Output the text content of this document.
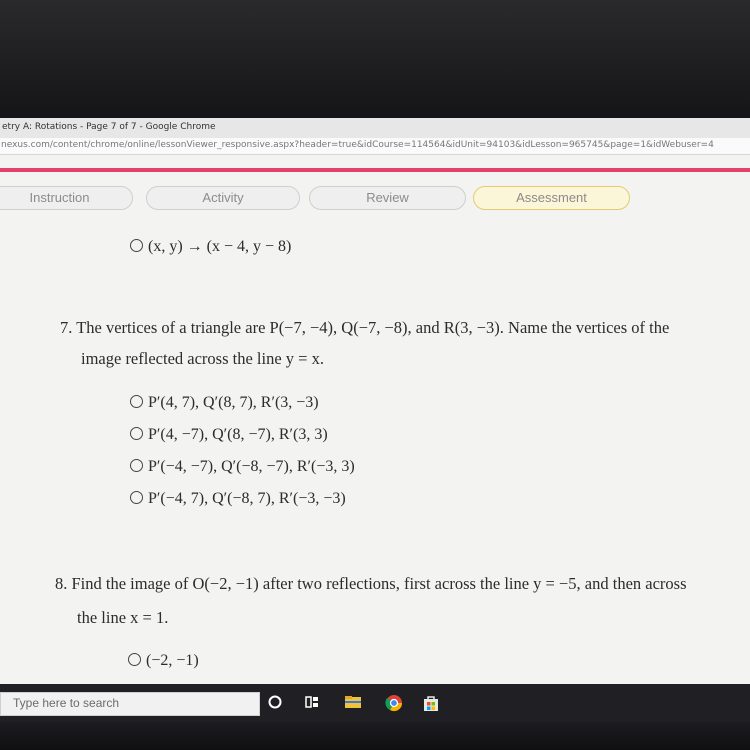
etry A: Rotations - Page 7 of 7 - Google Chrome
nexus.com/content/chrome/online/lessonViewer_responsive.aspx?header=true&idCourse=114564&idUnit=94103&idLesson=965745&page=1&idWebuser=4
Instruction	Activity	Review	Assessment
(x, y) → (x − 4, y − 8)
7. The vertices of a triangle are P(−7, −4), Q(−7, −8), and R(3, −3). Name the vertices of the
image reflected across the line y = x.
P′(4, 7), Q′(8, 7), R′(3, −3)
P′(4, −7), Q′(8, −7), R′(3, 3)
P′(−4, −7), Q′(−8, −7), R′(−3, 3)
P′(−4, 7), Q′(−8, 7), R′(−3, −3)
8. Find the image of O(−2, −1) after two reflections, first across the line y = −5, and then across
the line x = 1.
(−2, −1)
Type here to search
